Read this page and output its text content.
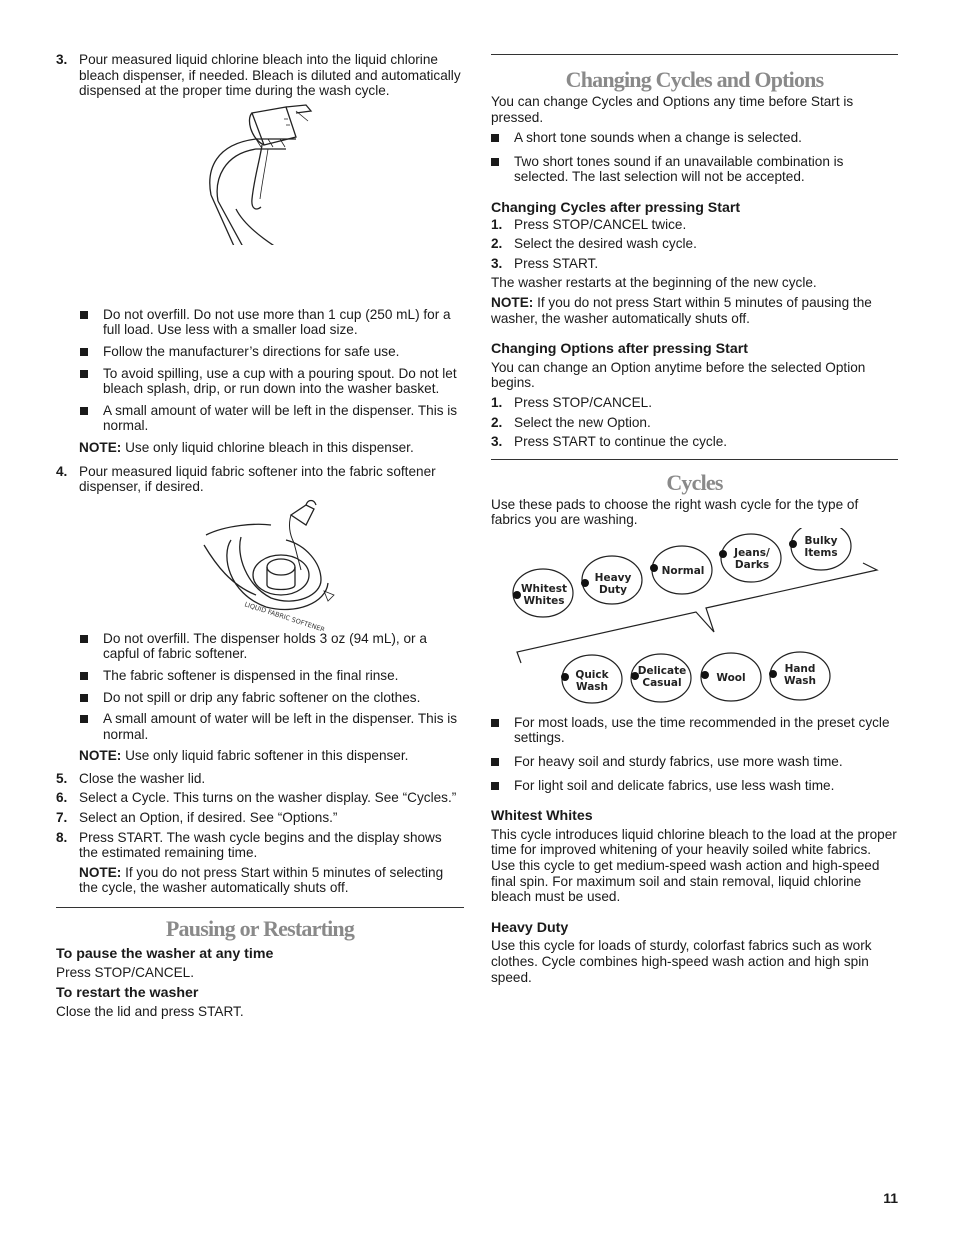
3. Pour measured liquid chlorine bleach into the liquid chlorine bleach dispenser, if needed. Bleach is diluted and automatically dispensed at the proper time during the wash cycle.

Do not overfill. Do not use more than 1 cup (250 mL) for a full load. Use less with a smaller load size.

Follow the manufacturer’s directions for safe use.

To avoid spilling, use a cup with a pouring spout. Do not let bleach splash, drip, or run down into the washer basket.

A small amount of water will be left in the dispenser. This is normal.

NOTE: Use only liquid chlorine bleach in this dispenser.

4. Pour measured liquid fabric softener into the fabric softener dispenser, if desired.

LIQUID FABRIC SOFTENER

Do not overfill. The dispenser holds 3 oz (94 mL), or a capful of fabric softener.

The fabric softener is dispensed in the final rinse.

Do not spill or drip any fabric softener on the clothes.

A small amount of water will be left in the dispenser. This is normal.

NOTE: Use only liquid fabric softener in this dispenser.

5. Close the washer lid.

6. Select a Cycle. This turns on the washer display. See “Cycles.”

7. Select an Option, if desired. See “Options.”

8. Press START. The wash cycle begins and the display shows the estimated remaining time.

NOTE: If you do not press Start within 5 minutes of selecting the cycle, the washer automatically shuts off.

Pausing or Restarting

To pause the washer at any time

Press STOP/CANCEL.

To restart the washer

Close the lid and press START.

Changing Cycles and Options

You can change Cycles and Options any time before Start is pressed.

A short tone sounds when a change is selected.

Two short tones sound if an unavailable combination is selected. The last selection will not be accepted.

Changing Cycles after pressing Start

1. Press STOP/CANCEL twice.

2. Select the desired wash cycle.

3. Press START.

The washer restarts at the beginning of the new cycle.

NOTE: If you do not press Start within 5 minutes of pausing the washer, the washer automatically shuts off.

Changing Options after pressing Start

You can change an Option anytime before the selected Option begins.

1. Press STOP/CANCEL.

2. Select the new Option.

3. Press START to continue the cycle.

Cycles

Use these pads to choose the right wash cycle for the type of fabrics you are washing.

Whitest
Whites
Heavy
Duty
Normal
Jeans/
Darks
Bulky
Items
Quick
Wash
Delicate
Casual	Wool
Hand
Wash

For most loads, use the time recommended in the preset cycle settings.

For heavy soil and sturdy fabrics, use more wash time.

For light soil and delicate fabrics, use less wash time.

Whitest Whites

This cycle introduces liquid chlorine bleach to the load at the proper time for improved whitening of your heavily soiled white fabrics. Use this cycle to get medium-speed wash action and high-speed final spin. For maximum soil and stain removal, liquid chlorine bleach must be used.

Heavy Duty

Use this cycle for loads of sturdy, colorfast fabrics such as work clothes. Cycle combines high-speed wash action and high spin speed.

11
